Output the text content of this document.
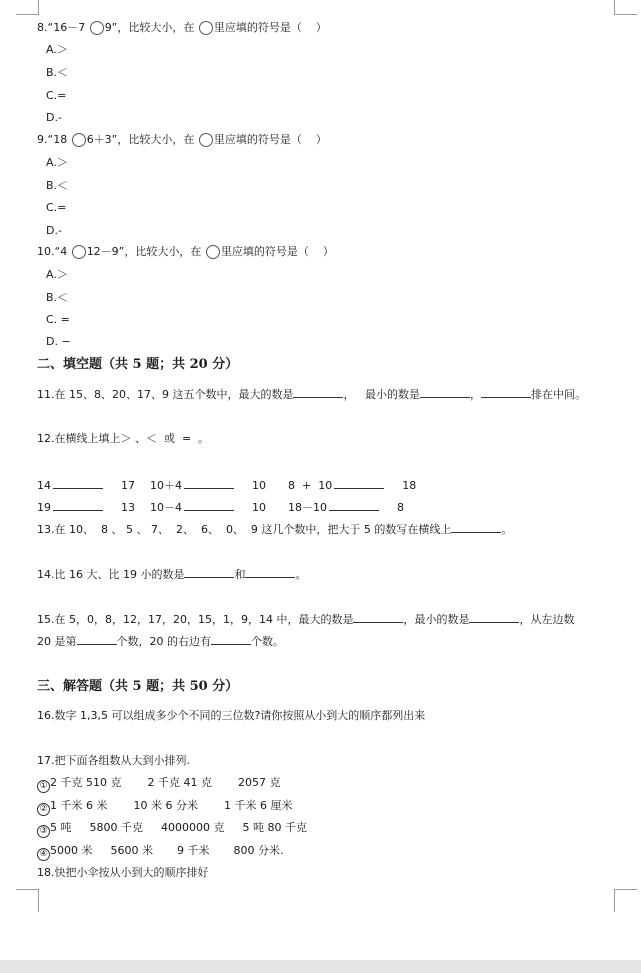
8.“16－7 9”，比较大小，在 里应填的符号是（    ）
A.＞
B.＜
C.=
D.-
9.“18 6＋3”，比较大小，在 里应填的符号是（    ）
A.＞
B.＜
C.=
D.-
10.“4 12－9”，比较大小，在 里应填的符号是（    ）
A.＞
B.＜
C. =
D. −
二、填空题（共 5 题；共 20 分）
11.在 15、8、20、17、9 这五个数中，最大的数是	，   最小的数是	，	排在中间。
12.在横线上填上＞ 、＜  或  =  。
14	17 10＋4	10 8  +  10	18
19	13 10－4	10 18－10	8
13.在 10、  8 、 5 、 7、  2、  6、  0、  9 这几个数中，把大于 5 的数写在横线上	。
14.比 16 大、比 19 小的数是	和	。
15.在 5，0，8，12，17，20，15，1，9，14 中，最大的数是	，最小的数是	，从左边数
20 是第	个数，20 的右边有	个数。
三、解答题（共 5 题；共 50 分）
16.数字 1,3,5 可以组成多少个不同的三位数?请你按照从小到大的顺序都列出来
17.把下面各组数从大到小排列.
① 2 千克 510 克 2 千克 41 克 2057 克
② 1 千米 6 米 10 米 6 分米 1 千米 6 厘米
③ 5 吨 5800 千克 4000000 克 5 吨 80 千克
④ 5000 米 5600 米 9 千米 800 分米.
18.快把小伞按从小到大的顺序排好
